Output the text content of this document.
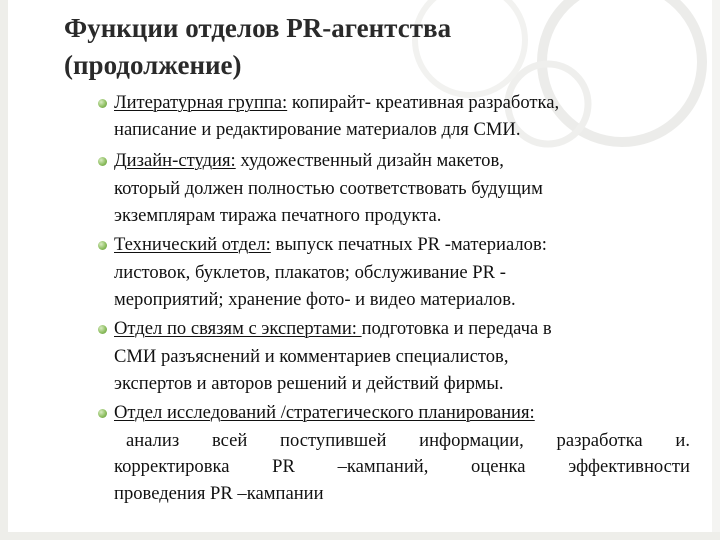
Функции отделов PR-агентства
(продолжение)
Литературная группа: копирайт- креативная разработка,
написание и редактирование материалов для СМИ.
Дизайн-студия: художественный дизайн макетов,
который должен полностью соответствовать будущим
экземплярам тиража печатного продукта.
Технический отдел: выпуск печатных PR -материалов:
листовок, буклетов, плакатов; обслуживание PR -
мероприятий; хранение фото- и видео материалов.
Отдел по связям с экспертами: подготовка и передача в
СМИ разъяснений и комментариев специалистов,
экспертов и авторов решений и действий фирмы.
Отдел исследований /стратегического планирования:
анализ всей поступившей информации, разработка и.
корректировка PR –кампаний, оценка эффективности
проведения PR –кампании
